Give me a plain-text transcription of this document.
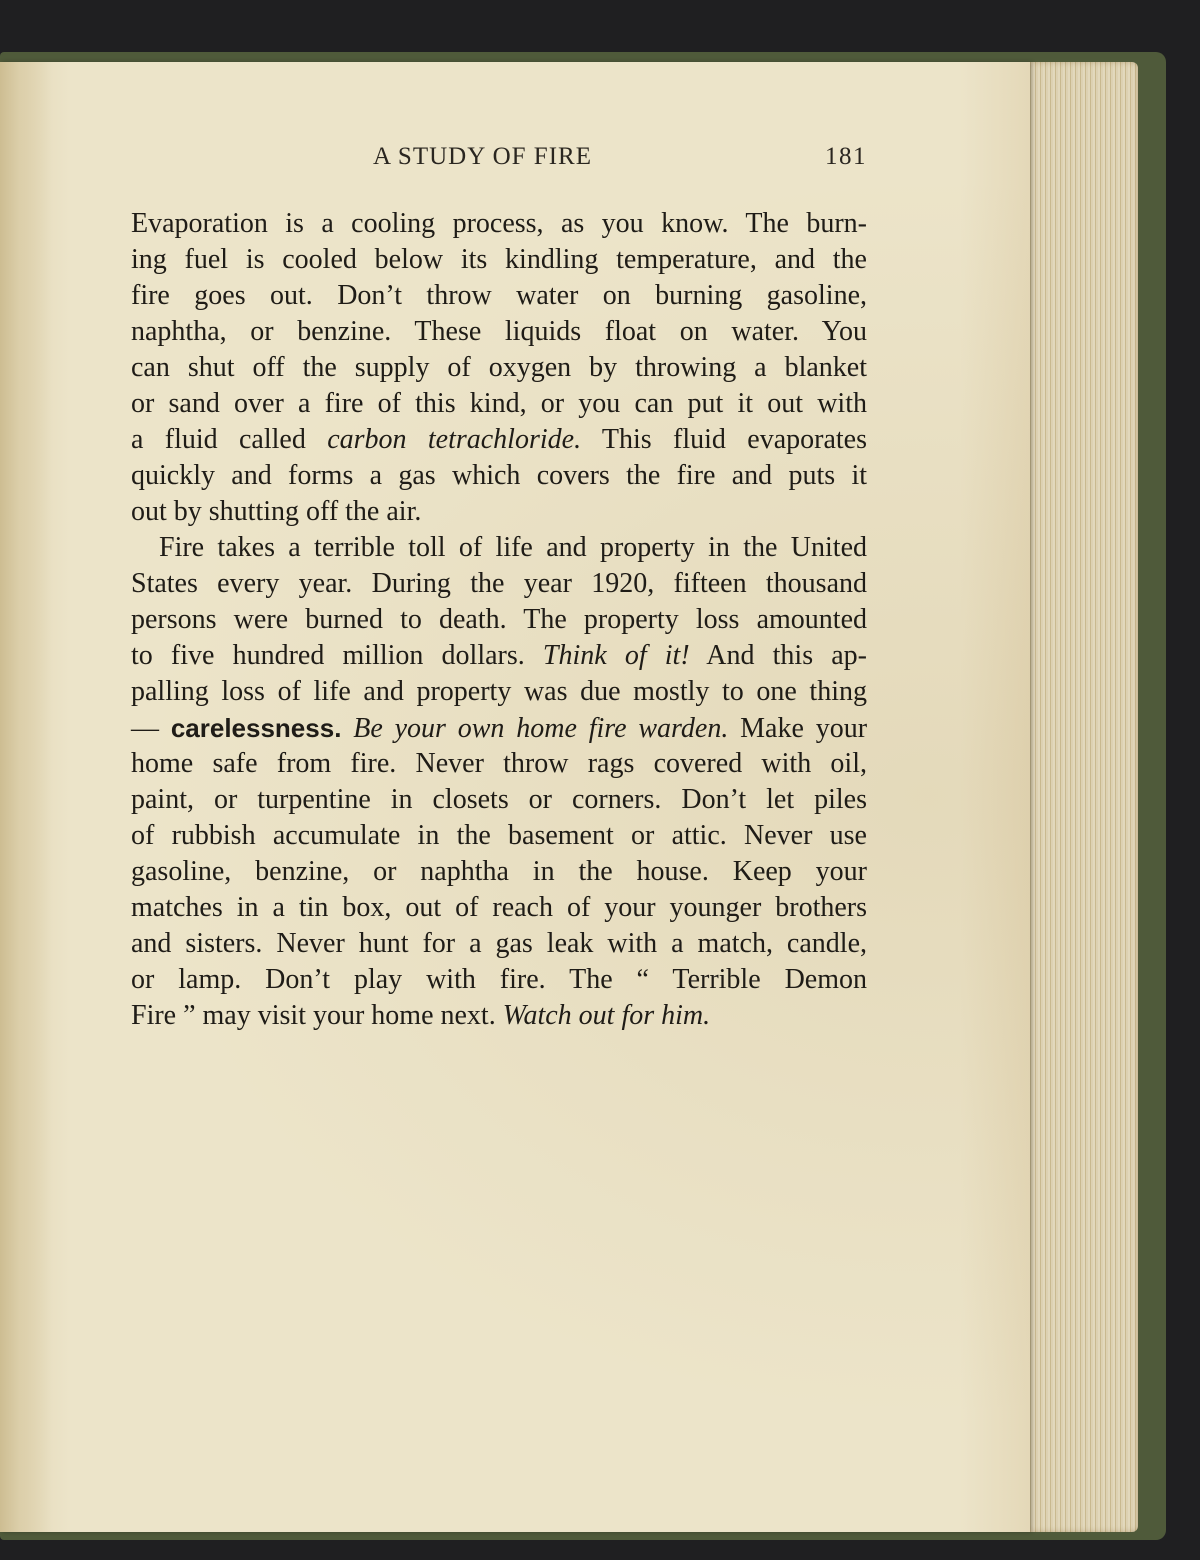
A STUDY OF FIRE	181
Evaporation is a cooling process, as you know. The burn-
ing fuel is cooled below its kindling temperature, and the
fire goes out. Don’t throw water on burning gasoline,
naphtha, or benzine. These liquids float on water. You
can shut off the supply of oxygen by throwing a blanket
or sand over a fire of this kind, or you can put it out with
a fluid called carbon tetrachloride. This fluid evaporates
quickly and forms a gas which covers the fire and puts it
out by shutting off the air.
Fire takes a terrible toll of life and property in the United
States every year. During the year 1920, fifteen thousand
persons were burned to death. The property loss amounted
to five hundred million dollars. Think of it! And this ap-
palling loss of life and property was due mostly to one thing
— carelessness. Be your own home fire warden. Make your
home safe from fire. Never throw rags covered with oil,
paint, or turpentine in closets or corners. Don’t let piles
of rubbish accumulate in the basement or attic. Never use
gasoline, benzine, or naphtha in the house. Keep your
matches in a tin box, out of reach of your younger brothers
and sisters. Never hunt for a gas leak with a match, candle,
or lamp. Don’t play with fire. The “ Terrible Demon
Fire ” may visit your home next. Watch out for him.
